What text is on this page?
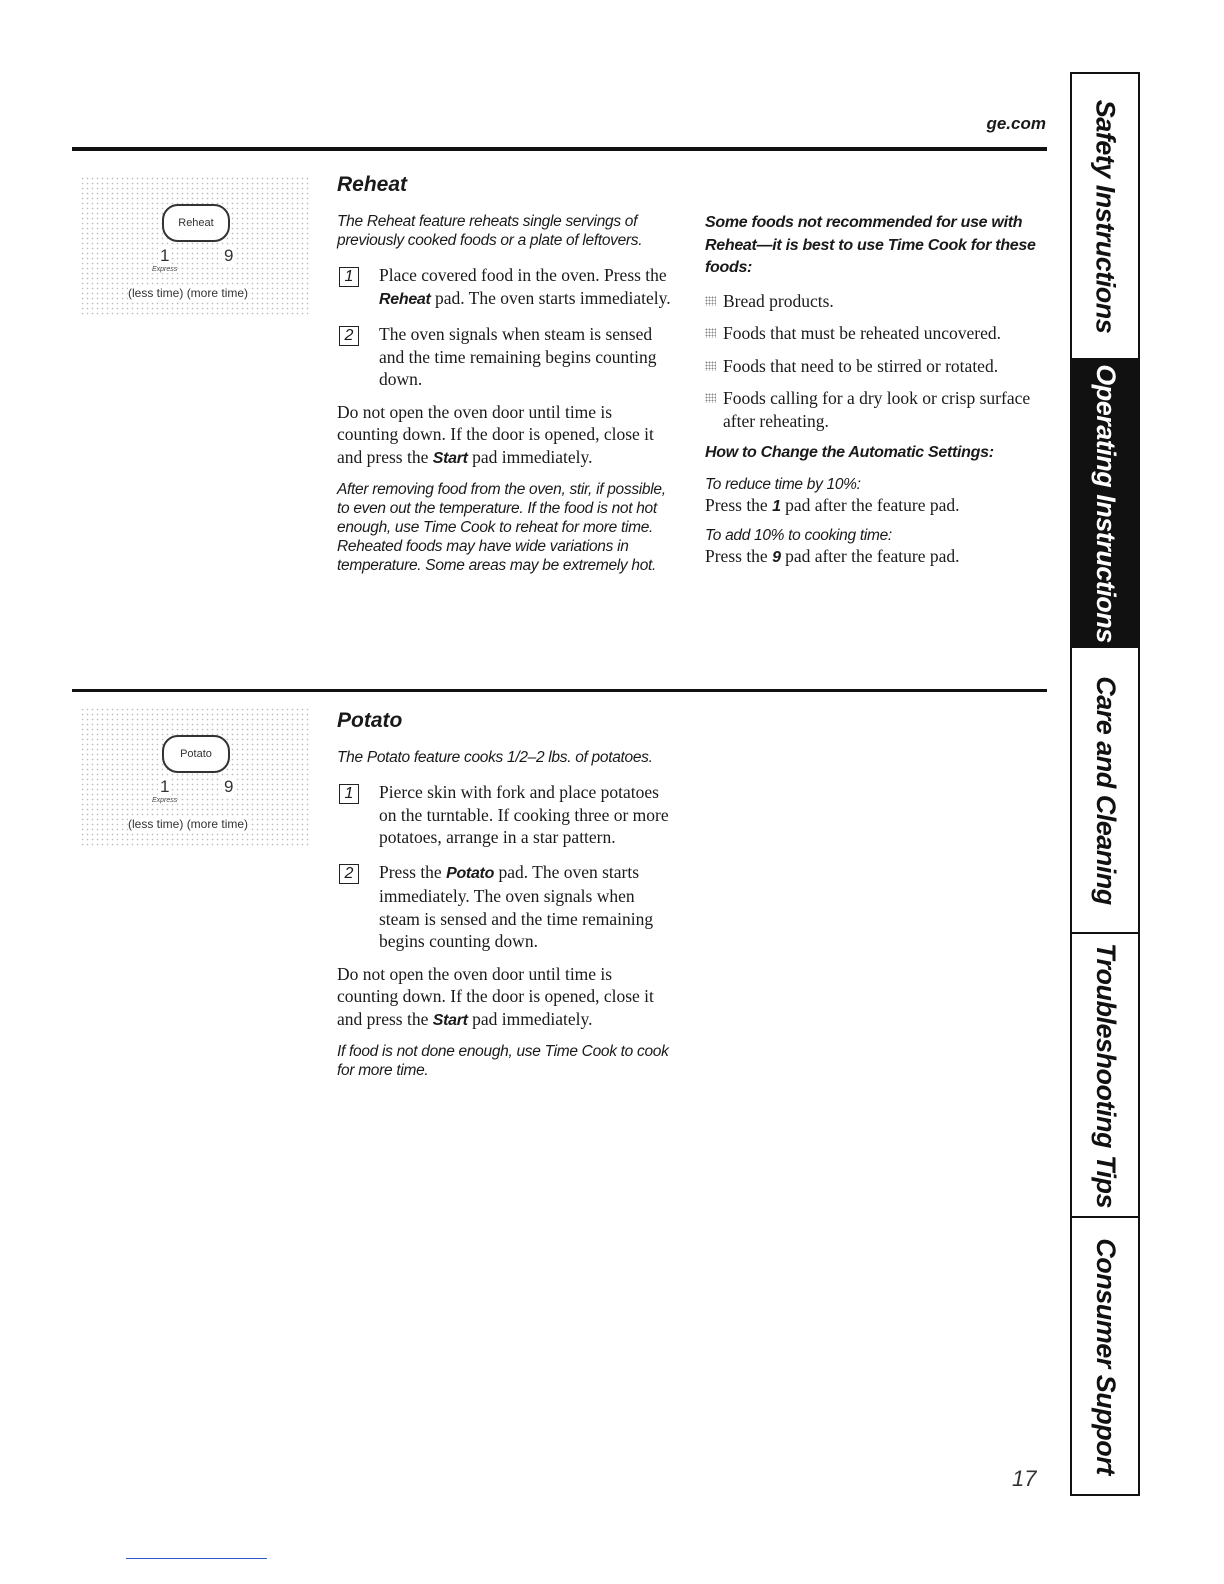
ge.com
Reheat
1	9
Express
(less time) (more time)
Reheat

The Reheat feature reheats single servings of previously cooked foods or a plate of leftovers.

1	Place covered food in the oven. Press the Reheat pad. The oven starts immediately.
2	The oven signals when steam is sensed and the time remaining begins counting down.

Do not open the oven door until time is counting down. If the door is opened, close it and press the Start pad immediately.

After removing food from the oven, stir, if possible, to even out the temperature. If the food is not hot enough, use Time Cook to reheat for more time. Reheated foods may have wide variations in temperature. Some areas may be extremely hot.

Some foods not recommended for use with Reheat—it is best to use Time Cook for these foods:

Bread products.
Foods that must be reheated uncovered.
Foods that need to be stirred or rotated.
Foods calling for a dry look or crisp surface after reheating.

How to Change the Automatic Settings:

To reduce time by 10%:

Press the 1 pad after the feature pad.

To add 10% to cooking time:

Press the 9 pad after the feature pad.

Potato
1	9
Express
(less time) (more time)
Potato

The Potato feature cooks 1/2–2 lbs. of potatoes.

1	Pierce skin with fork and place potatoes on the turntable. If cooking three or more potatoes, arrange in a star pattern.
2	Press the Potato pad. The oven starts immediately. The oven signals when steam is sensed and the time remaining begins counting down.

Do not open the oven door until time is counting down. If the door is opened, close it and press the Start pad immediately.

If food is not done enough, use Time Cook to cook for more time.

Safety Instructions
Operating Instructions
Care and Cleaning
Troubleshooting Tips
Consumer Support
17
